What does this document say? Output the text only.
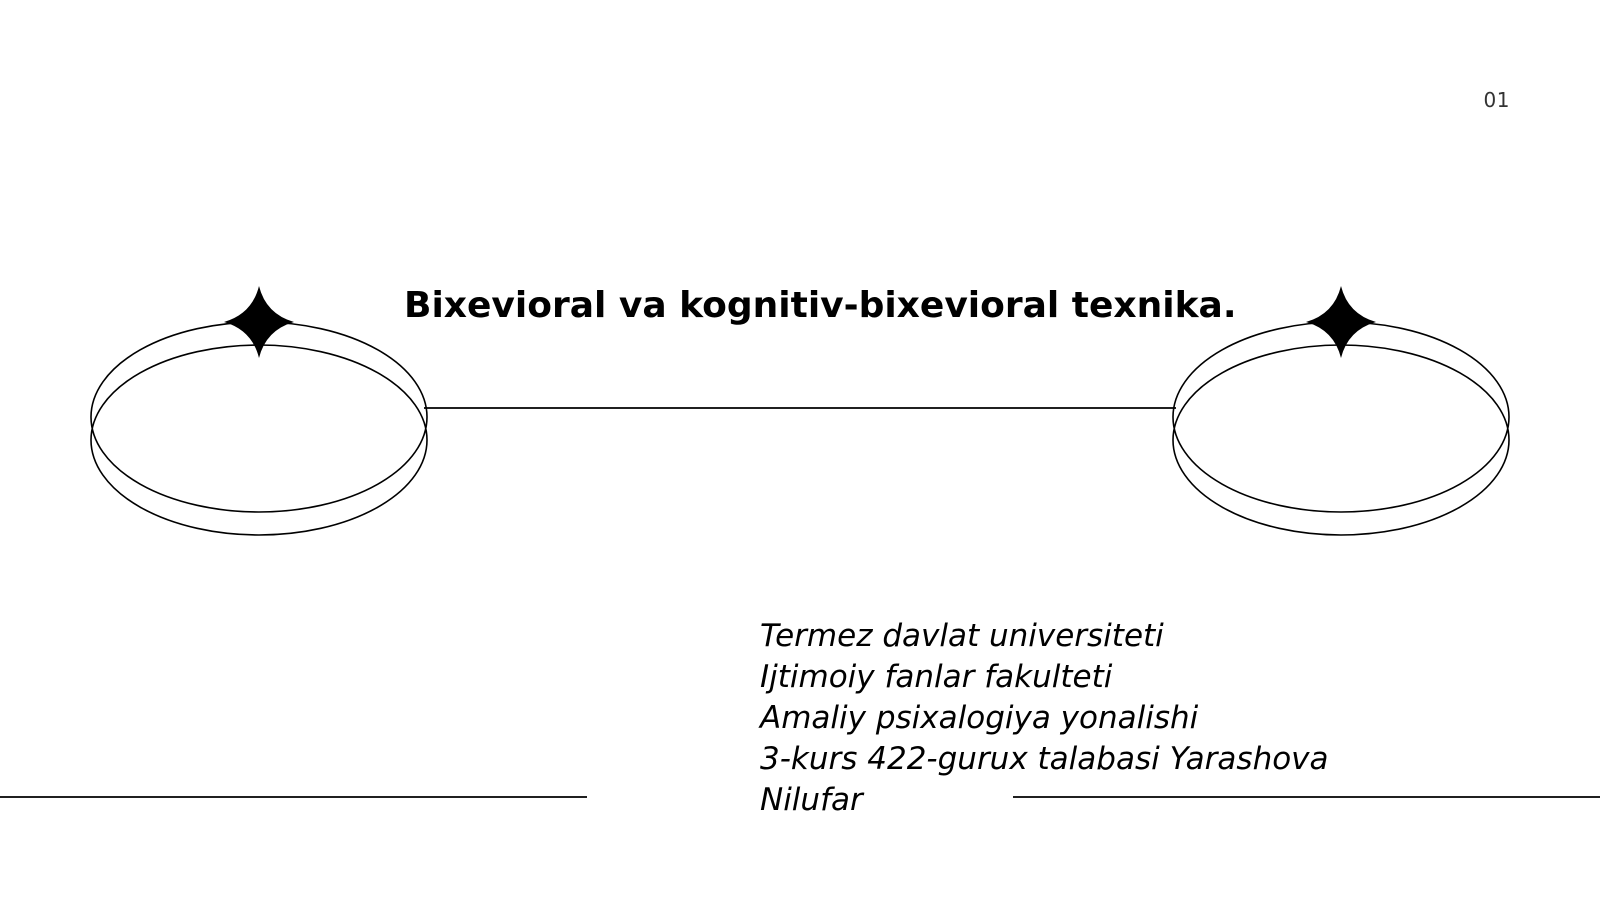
01
Bixevioral va kognitiv-bixevioral texnika.
Termez davlat universiteti
Ijtimoiy fanlar fakulteti
Amaliy psixalogiya yonalishi
3-kurs 422-gurux talabasi Yarashova
Nilufar
